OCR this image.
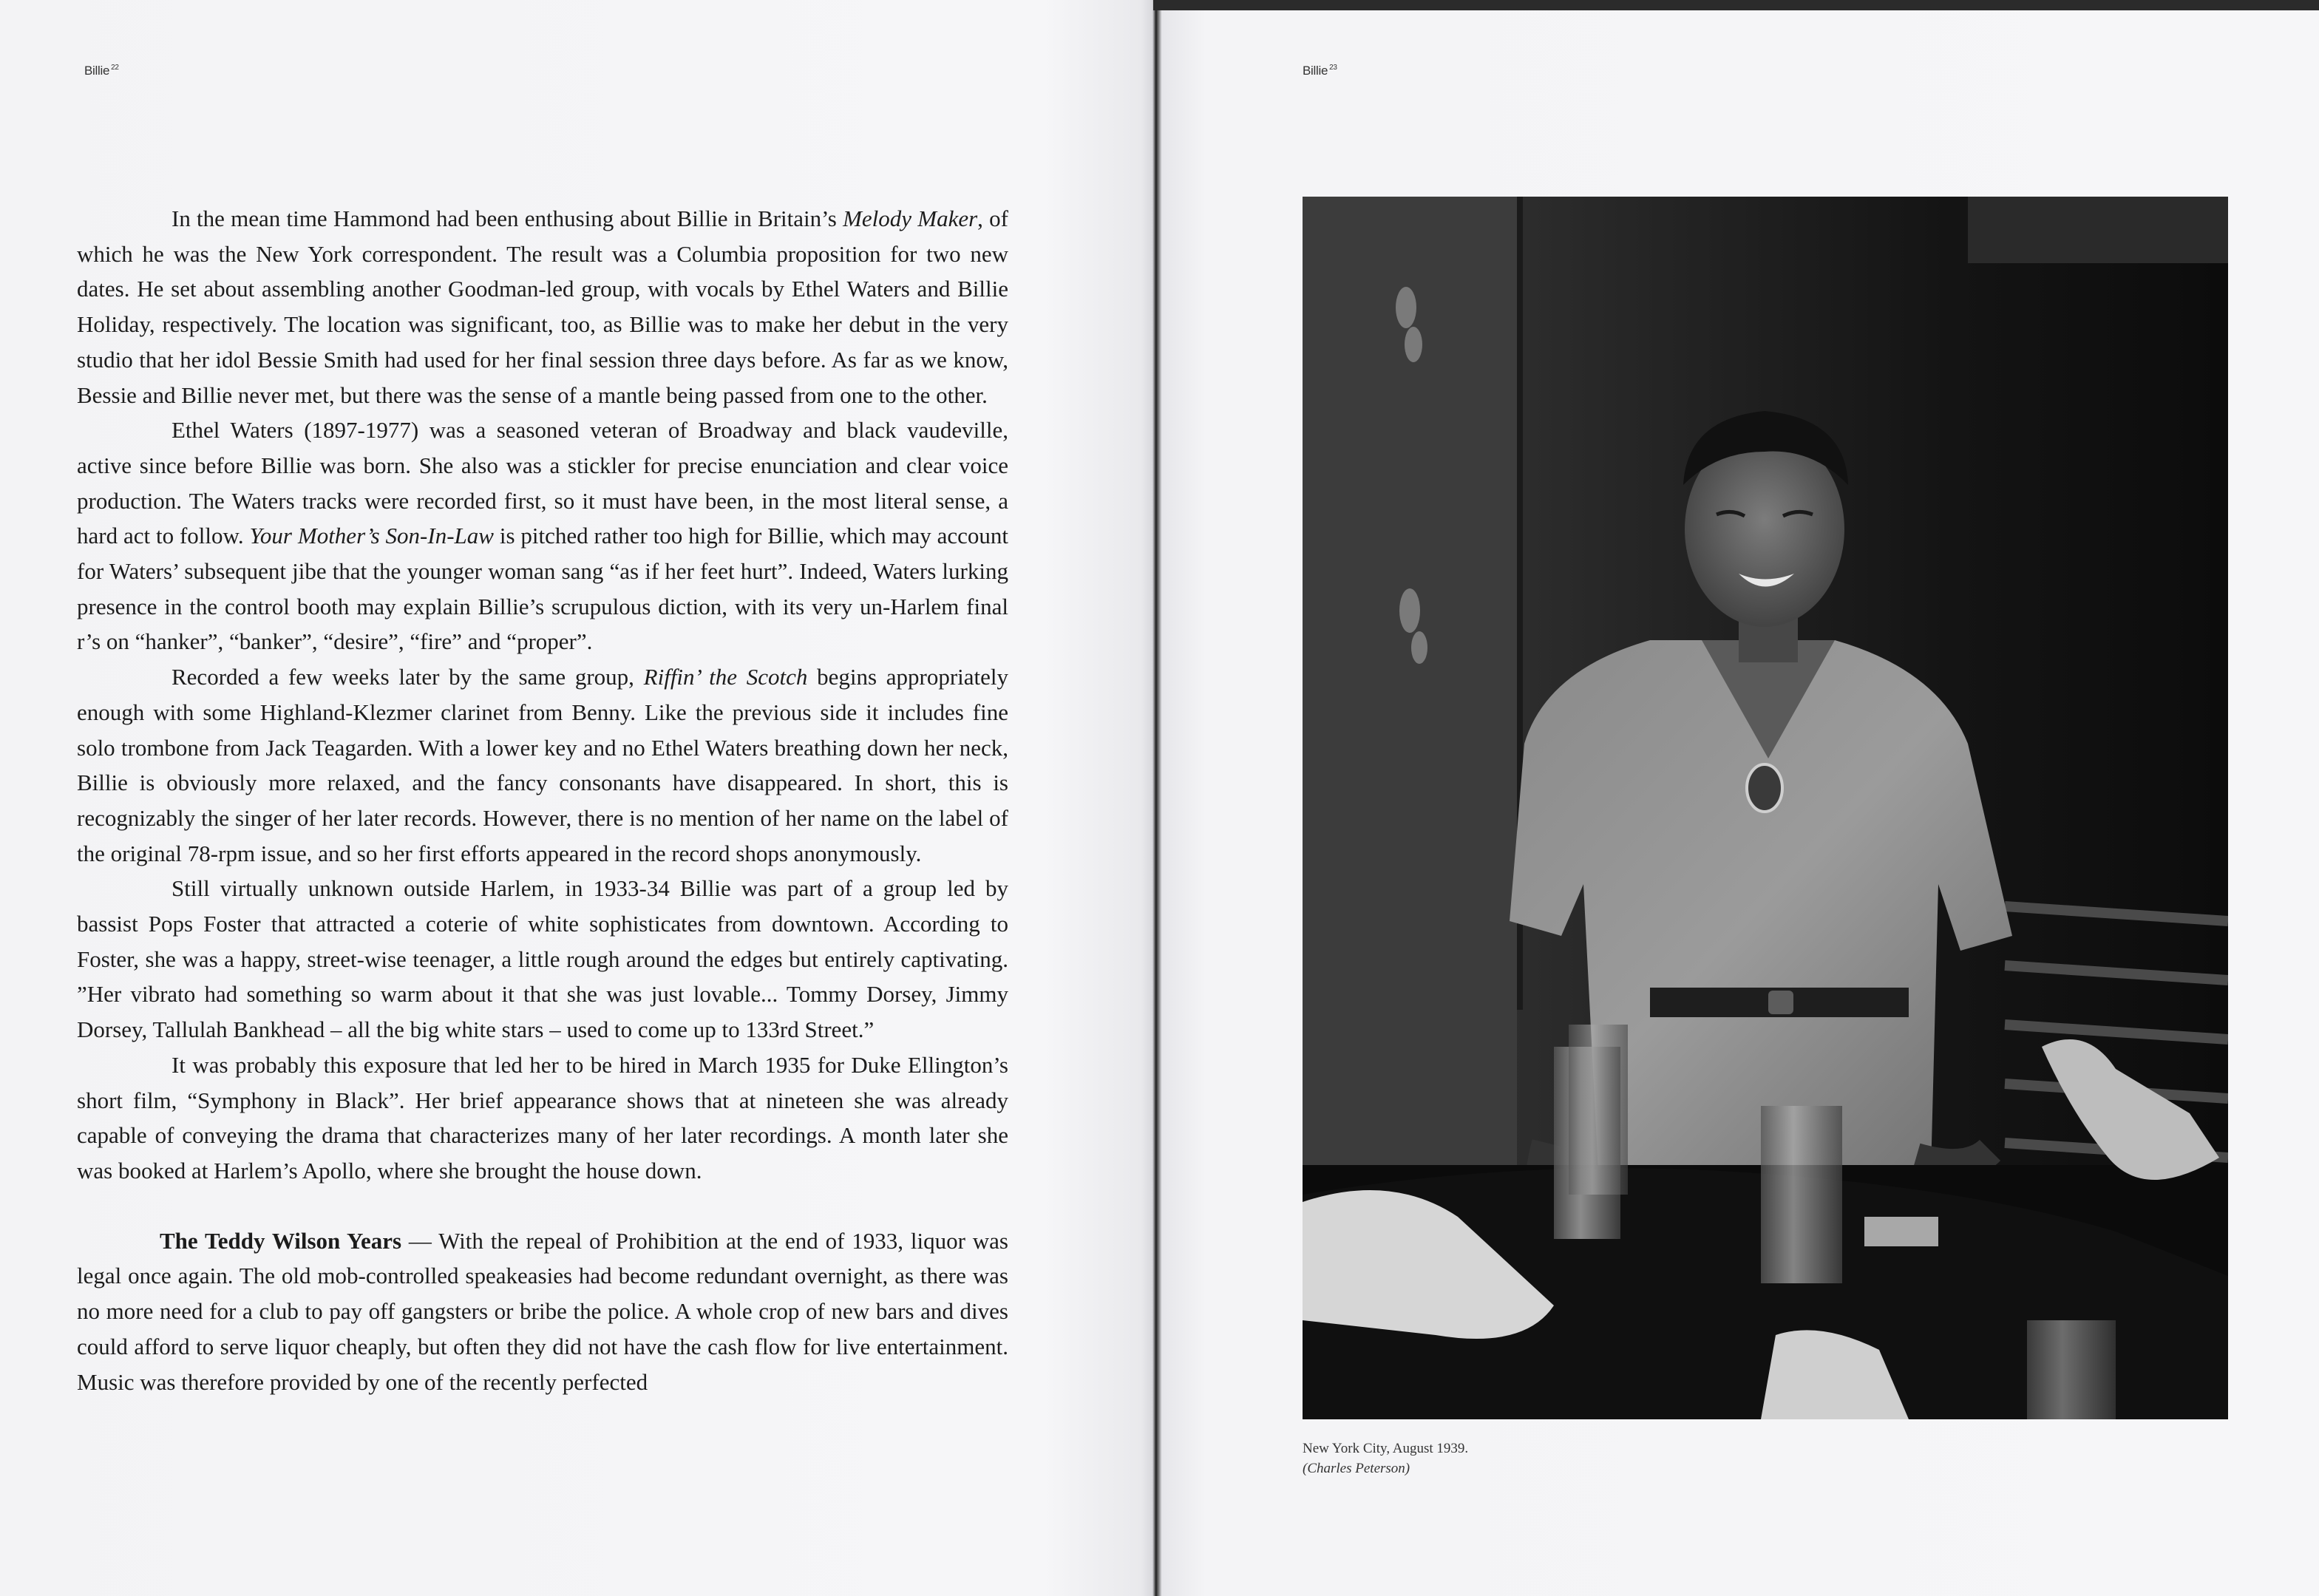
Billie $^{22}$

In the mean time Hammond had been enthusing about Billie in Britain’s Melody Maker, of which he was the New York correspondent. The result was a Columbia proposition for two new dates. He set about assembling another Goodman-led group, with vocals by Ethel Waters and Billie Holiday, respectively. The location was significant, too, as Billie was to make her debut in the very studio that her idol Bessie Smith had used for her final session three days before. As far as we know, Bessie and Billie never met, but there was the sense of a mantle being passed from one to the other.

Ethel Waters (1897-1977) was a seasoned veteran of Broadway and black vaudeville, active since before Billie was born. She also was a stickler for precise enunciation and clear voice production. The Waters tracks were recorded first, so it must have been, in the most literal sense, a hard act to follow. Your Mother’s Son-In-Law is pitched rather too high for Billie, which may account for Waters’ subsequent jibe that the younger woman sang “as if her feet hurt”. Indeed, Waters lurking presence in the control booth may explain Billie’s scrupulous diction, with its very un-Harlem final r’s on “hanker”, “banker”, “desire”, “fire” and “proper”.

Recorded a few weeks later by the same group, Riffin’ the Scotch begins appropriately enough with some Highland-Klezmer clarinet from Benny. Like the previous side it includes fine solo trombone from Jack Teagarden. With a lower key and no Ethel Waters breathing down her neck, Billie is obviously more relaxed, and the fancy consonants have disappeared. In short, this is recognizably the singer of her later records. However, there is no mention of her name on the label of the original 78-rpm issue, and so her first efforts appeared in the record shops anonymously.

Still virtually unknown outside Harlem, in 1933-34 Billie was part of a group led by bassist Pops Foster that attracted a coterie of white sophisticates from downtown. According to Foster, she was a happy, street-wise teenager, a little rough around the edges but entirely captivating. ”Her vibrato had something so warm about it that she was just lovable... Tommy Dorsey, Jimmy Dorsey, Tallulah Bankhead – all the big white stars – used to come up to 133rd Street.”

It was probably this exposure that led her to be hired in March 1935 for Duke Ellington’s short film, “Symphony in Black”. Her brief appearance shows that at nineteen she was already capable of conveying the drama that characterizes many of her later recordings. A month later she was booked at Harlem’s Apollo, where she brought the house down.

The Teddy Wilson Years — With the repeal of Prohibition at the end of 1933, liquor was legal once again. The old mob-controlled speakeasies had become redundant overnight, as there was no more need for a club to pay off gangsters or bribe the police. A whole crop of new bars and dives could afford to serve liquor cheaply, but often they did not have the cash flow for live entertainment. Music was therefore provided by one of the recently perfected

Billie $^{23}$
New York City, August 1939.
(Charles Peterson)
